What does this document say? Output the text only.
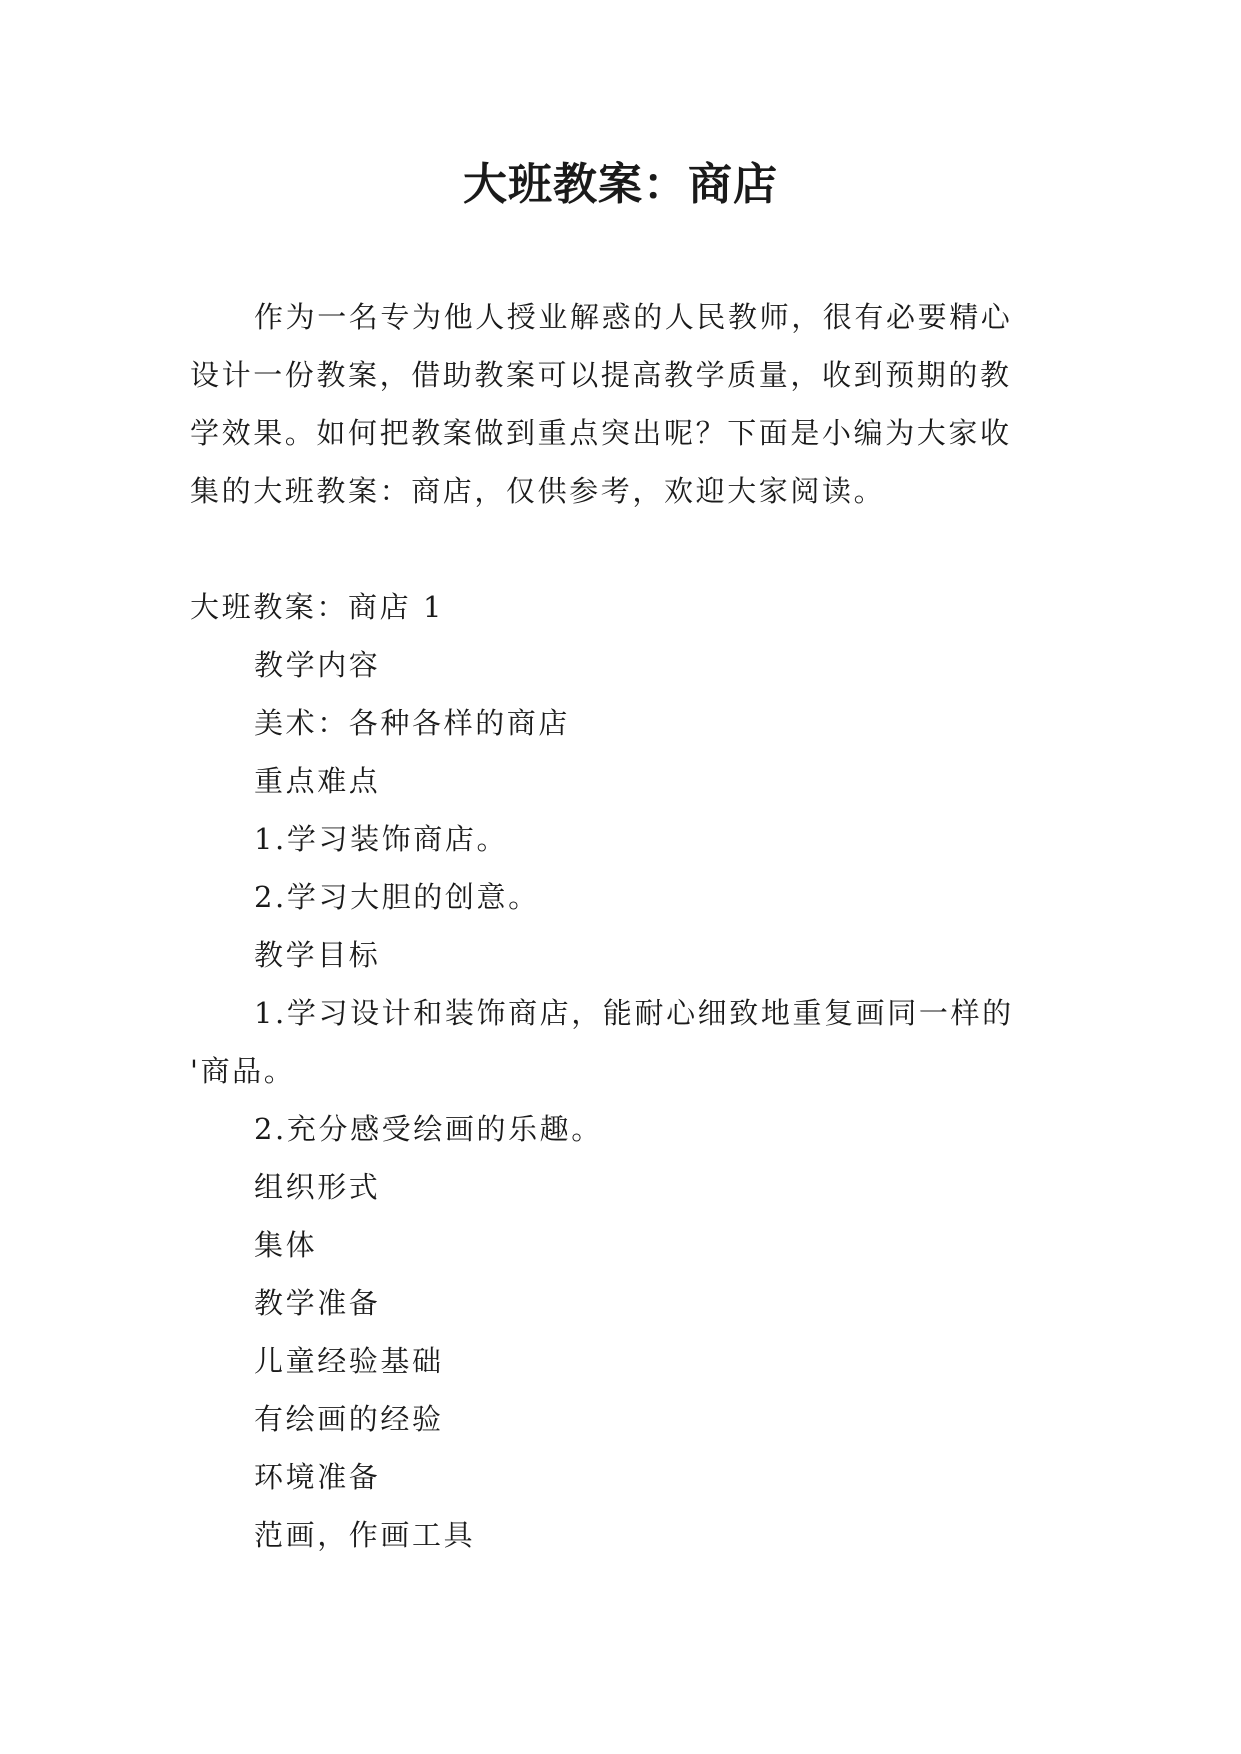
大班教案：商店
作为一名专为他人授业解惑的人民教师，很有必要精心
设计一份教案，借助教案可以提高教学质量，收到预期的教
学效果。如何把教案做到重点突出呢？下面是小编为大家收
集的大班教案：商店，仅供参考，欢迎大家阅读。
大班教案：商店 1
教学内容
美术：各种各样的商店
重点难点
1.学习装饰商店。
2.学习大胆的创意。
教学目标
1.学习设计和装饰商店，能耐心细致地重复画同一样的
'商品。
2.充分感受绘画的乐趣。
组织形式
集体
教学准备
儿童经验基础
有绘画的经验
环境准备
范画，作画工具
